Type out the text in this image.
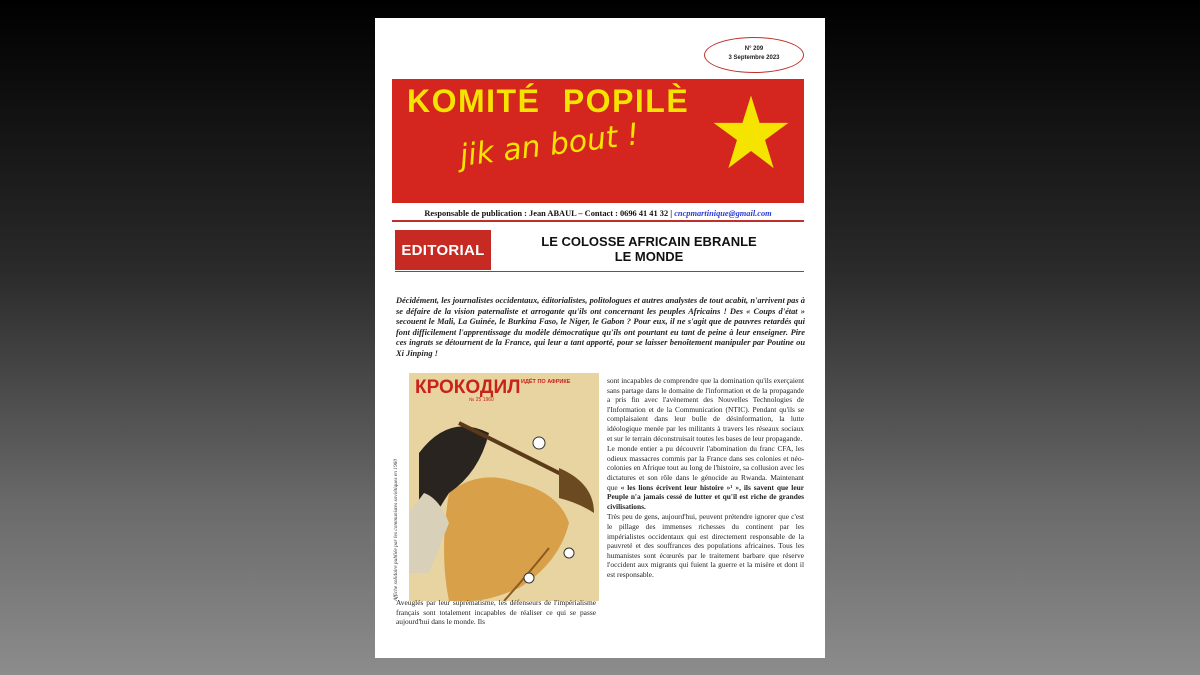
N° 209
3 Septembre 2023
KOMITÉ POPILÈ
jik an bout !
Responsable de publication : Jean ABAUL – Contact : 0696 41 41 32 | cncpmartinique@gmail.com
EDITORIAL	LE COLOSSE AFRICAIN EBRANLE
LE MONDE
Décidément, les journalistes occidentaux, éditorialistes, politologues et autres analystes de tout acabit, n'arrivent pas à se défaire de la vision paternaliste et arrogante qu'ils ont concernant les peuples Africains ! Des « Coups d'état » secouent le Mali, La Guinée, le Burkina Faso, le Niger, le Gabon ? Pour eux, il ne s'agit que de pauvres retardés qui font difficilement l'apprentissage du modèle démocratique qu'ils ont pourtant eu tant de peine à leur enseigner. Pire ces ingrats se détournent de la France, qui leur a tant apporté, pour se laisser benoîtement manipuler par Poutine ou Xi Jinping !
КРОКОДИЛ ИДЁТ ПО АФРИКЕ
№ 25 1960
Affiche solidaire publiée par les communistes soviétiques en 1960
Aveuglés par leur suprématisme, les défenseurs de l'impérialisme français sont totalement incapables de réaliser ce qui se passe aujourd'hui dans le monde. Ils

sont incapables de comprendre que la domination qu'ils exerçaient sans partage dans le domaine de l'information et de la propagande a pris fin avec l'avènement des Nouvelles Technologies de l'Information et de la Communication (NTIC). Pendant qu'ils se complaisaient dans leur bulle de désinformation, la lutte idéologique menée par les militants à travers les réseaux sociaux et sur le terrain déconstruisait toutes les bases de leur propagande.

Le monde entier a pu découvrir l'abomination du franc CFA, les odieux massacres commis par la France dans ses colonies et néo-colonies en Afrique tout au long de l'histoire, sa collusion avec les dictatures et son rôle dans le génocide au Rwanda. Maintenant que « les lions écrivent leur histoire »¹ », ils savent que leur Peuple n'a jamais cessé de lutter et qu'il est riche de grandes civilisations.

Très peu de gens, aujourd'hui, peuvent prétendre ignorer que c'est le pillage des immenses richesses du continent par les impérialistes occidentaux qui est directement responsable de la pauvreté et des souffrances des populations africaines. Tous les humanistes sont écœurés par le traitement barbare que réserve l'occident aux migrants qui fuient la guerre et la misère et dont il est responsable.
